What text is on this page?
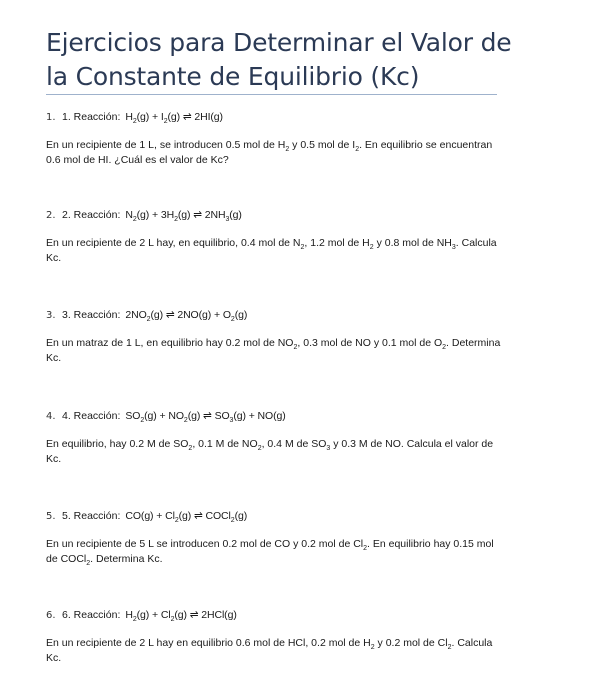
Ejercicios para Determinar el Valor de
la Constante de Equilibrio (Kc)
1. 1. Reacción: $H_2(g) + I_2(g)$ ⇌ 2HI(g)

En un recipiente de 1 L, se introducen 0.5 mol de $H_2$ y 0.5 mol de $I_2$. En equilibrio se encuentran 0.6 mol de HI. ¿Cuál es el valor de Kc?

2. 2. Reacción: $N_2(g) + 3H_2(g)$ ⇌ $2NH_3(g)$

En un recipiente de 2 L hay, en equilibrio, 0.4 mol de $N_2$, 1.2 mol de $H_2$ y 0.8 mol de $NH_3$. Calcula Kc.

3. 3. Reacción: $2NO_2(g)$ ⇌ $2NO(g) + O_2(g)$

En un matraz de 1 L, en equilibrio hay 0.2 mol de $NO_2$, 0.3 mol de NO y 0.1 mol de $O_2$. Determina Kc.

4. 4. Reacción: $SO_2(g) + NO_2(g)$ ⇌ $SO_3(g) + NO(g)$

En equilibrio, hay 0.2 M de $SO_2$, 0.1 M de $NO_2$, 0.4 M de $SO_3$ y 0.3 M de NO. Calcula el valor de Kc.

5. 5. Reacción: $CO(g) + Cl_2(g)$ ⇌ COCl$_2$(g)

En un recipiente de 5 L se introducen 0.2 mol de CO y 0.2 mol de $Cl_2$. En equilibrio hay 0.15 mol de COCl$_2$. Determina Kc.

6. 6. Reacción: $H_2(g) + Cl_2(g)$ ⇌ 2HCl(g)

En un recipiente de 2 L hay en equilibrio 0.6 mol de HCl, 0.2 mol de $H_2$ y 0.2 mol de $Cl_2$. Calcula Kc.
